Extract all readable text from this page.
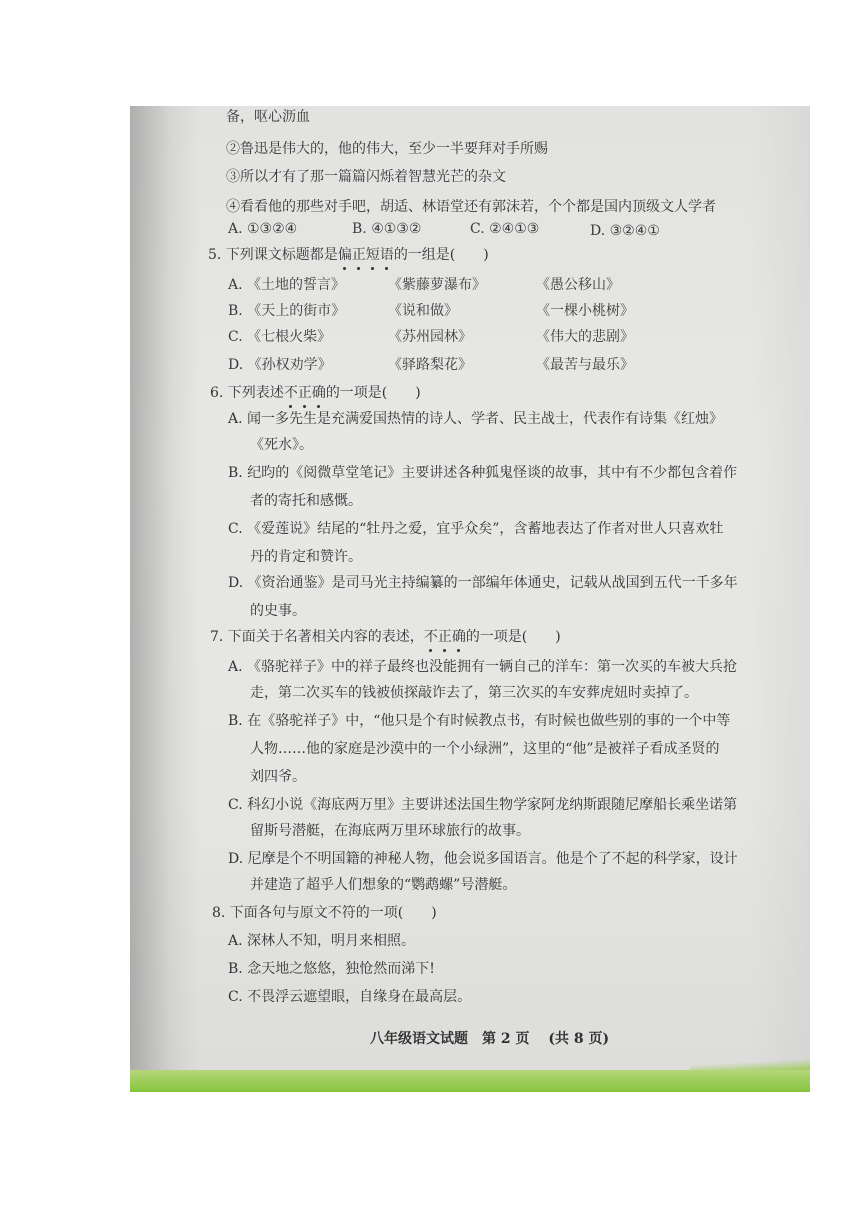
备，呕心沥血
②鲁迅是伟大的，他的伟大，至少一半要拜对手所赐
③所以才有了那一篇篇闪烁着智慧光芒的杂文
④看看他的那些对手吧，胡适、林语堂还有郭沫若，个个都是国内顶级文人学者
A. ①③②④	B. ④①③②	C. ②④①③	D. ③②④①
5. 下列课文标题都是偏正短语的一组是(　　)
A. 《土地的誓言》	《紫藤萝瀑布》	《愚公移山》
B. 《天上的街市》	《说和做》	《一棵小桃树》
C. 《七根火柴》	《苏州园林》	《伟大的悲剧》
D. 《孙权劝学》	《驿路梨花》	《最苦与最乐》
6. 下列表述不正确的一项是(　　)
A. 闻一多先生是充满爱国热情的诗人、学者、民主战士，代表作有诗集《红烛》
《死水》。
B. 纪昀的《阅微草堂笔记》主要讲述各种狐鬼怪谈的故事，其中有不少都包含着作
者的寄托和感慨。
C. 《爱莲说》结尾的“牡丹之爱，宜乎众矣”，含蓄地表达了作者对世人只喜欢牡
丹的肯定和赞许。
D. 《资治通鉴》是司马光主持编纂的一部编年体通史，记载从战国到五代一千多年
的史事。
7. 下面关于名著相关内容的表述，不正确的一项是(　　)
A. 《骆驼祥子》中的祥子最终也没能拥有一辆自己的洋车：第一次买的车被大兵抢
走，第二次买车的钱被侦探敲诈去了，第三次买的车安葬虎妞时卖掉了。
B. 在《骆驼祥子》中，“他只是个有时候教点书，有时候也做些别的事的一个中等
人物……他的家庭是沙漠中的一个小绿洲”，这里的“他”是被祥子看成圣贤的
刘四爷。
C. 科幻小说《海底两万里》主要讲述法国生物学家阿龙纳斯跟随尼摩船长乘坐诺第
留斯号潜艇，在海底两万里环球旅行的故事。
D. 尼摩是个不明国籍的神秘人物，他会说多国语言。他是个了不起的科学家，设计
并建造了超乎人们想象的“鹦鹉螺”号潜艇。
8. 下面各句与原文不符的一项(　　)
A. 深林人不知，明月来相照。
B. 念天地之悠悠，独怆然而涕下!
C. 不畏浮云遮望眼，自缘身在最高层。
八年级语文试题　第 2 页　 (共 8 页)
